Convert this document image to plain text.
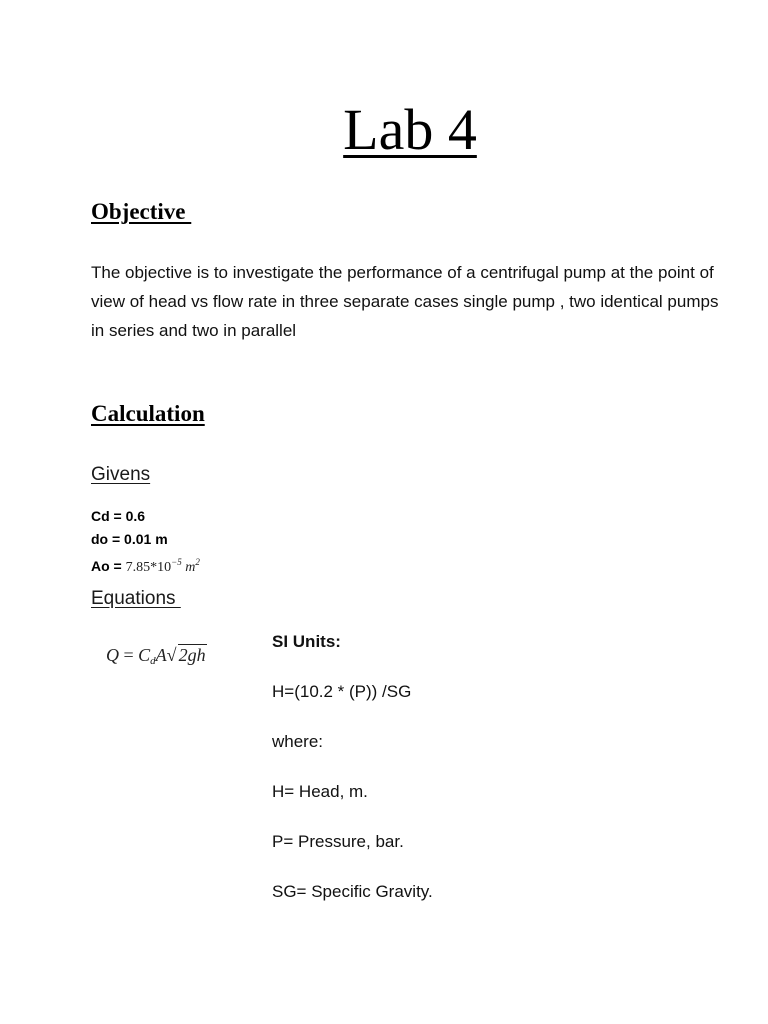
Lab 4
Objective
The objective is to investigate the performance of a centrifugal pump at the point of view of head vs flow rate in three separate cases single pump , two identical pumps in series and two in parallel
Calculation
Givens
Cd = 0.6
do = 0.01 m
$Ao = 7.85*10^{-5}$ $m^2$
Equations
$Q = C_dA√$ 2gh
SI Units:
H=(10.2 * (P)) /SG
where:
H= Head, m.
P= Pressure, bar.
SG= Specific Gravity.
